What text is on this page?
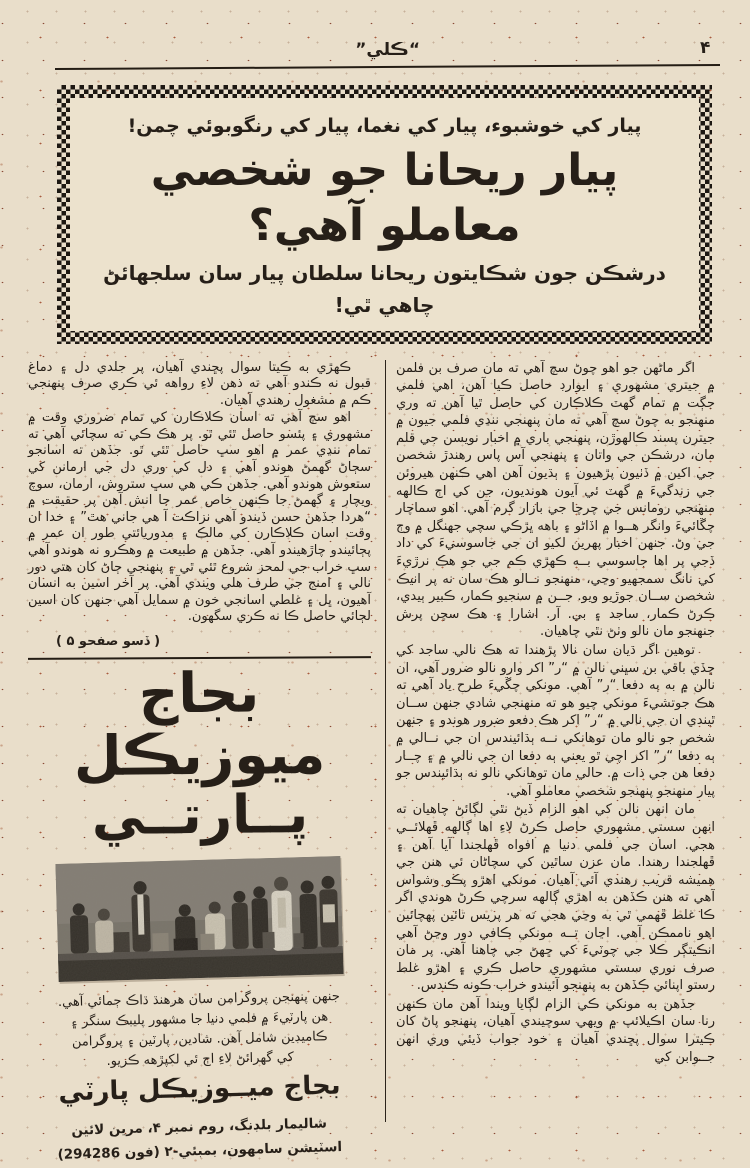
“ڪلي”	۴
پيار کي خوشبوء، پيار کي نغما، پيار کي رنگوبوئي چمن!
پيار ريحانا جو شخصي معاملو آهي؟
درشڪن جون شڪايتون ريحانا سلطان پيار سان سلجهائڻ چاهي ٿي!

اگر ماڻهن جو اهو چوڻ سچ آهي ته مان صرف بن فلمن ۾ جيتري مشهوري ۽ ايوارڊ حاصل ڪيا آهن، اهي فلمي جڳت ۾ تمام گهٽ ڪلاڪارن کي حاصل ٿيا آهن ته وري منهنجو به چوڻ سچ آهي ته مان پنهنجي ننڍي فلمي جيون ۾ جيترن پسند ڪالهوڙن، پنهنجي باري ۾ اخبار نويسن جي قلم مان، درشڪن جي واتان ۽ پنهنجي آس پاس رهندڙ شخصن جي اکين ۾ ڏٺيون پڙهيون ۽ ٻڌيون آهن اهي ڪنهن هيروئن جي زندگيءَ ۾ گهٽ ئي آيون هونديون، جن کي اڄ ڪالهه منهنجي رومانس جي چرچا جي بازار گرم آهي. اهو سماچار چڱائيءَ وانگر هــوا ۾ اڏاڻو ۽ باهه ڀڙڪي سچي جهنگل ۾ وڄ جي وڻ. جنهن اخبار پهرين لکيو ان جي جاسوسيءَ کي داد ڏجي پر اها جاسوسي بــه ڪهڙي ڪم جي جو هڪ نرڙيءَ کي نانگ سمجهيو وڃي، منهنجو نــالو هڪ سان نه پر انيڪ شخصن ســان جوڙيو ويو. جــن ۾ سنجيو ڪمار، ڪبير ٻيدي، ڪرڻ ڪمار، ساجد ۽ بي. آر. اشارا ۽ هڪ سچن پرش جنهنجو مان نالو وٺڻ نٿي چاهيان.

توهين اگر ڌيان سان نالا پڙهندا ته هڪ نالي ساجد کي ڇڏي باقي بن سڀني نالن ۾ “ر” اکر وارو نالو ضرور آهي، ان نالن ۾ به ٻه دفعا “ر” آهي. مونکي چڱيءَ طرح ياد آهي ته هڪ جوتشيءَ مونکي چيو هو ته منهنجي شادي جنهن ســان ٿيندي ان جي نالي ۾ “ر” اکر هڪ دفعو ضرور هوندو ۽ جنهن شخص جو نالو مان توهانکي نــه ٻڌائيندس ان جي نــالي ۾ ٻه دفعا “ر” اکر اچي ٿو يعني ٻه دفعا ان جي نالي ۾ ۽ چــار دفعا هن جي ذات ۾. حالي مان توهانکي نالو نه ٻڌائيندس جو پيار منهنجو پنهنجو شخصي معاملو آهي.

مان انهن نالن کي اهو الزام ڏيڻ نٿي لڳائڻ چاهيان ته انهن سستي مشهوري حاصل ڪرڻ لاءِ اها ڳالهه ڦهلائــي هجي. اسان جي فلمي دنيا ۾ افواه ڦهلجندا آيا آهن ۽ ڦهلجندا رهندا. مان عزن ساٿين کي سچاڻان ئي هنن جي هميشه قريب رهندي آئي آهيان. مونکي اهڙو پڪو وشواس آهي ته هنن ڪڏهن به اهڙي ڳالهه سرچي ڪرڻ هوندي اگر ڪا غلط ڦهمي ٿي به وڃي هجي ته هر پريس تائين پهچائين اهو ناممڪن آهي. اڃان تــه مونکي ڪافي دور وڃڻ آهي انڪيتڳر ڪلا جي چوٽيءَ کي ڇهڻ جي چاهنا آهي. پر مان صرف نوري سستي مشهوري حاصل ڪري ۽ اهڙو غلط رستو اپنائي ڪڏهن به پنهنجو آئيندو خراب ڪونه ڪندس.

جڏهن به مونکي ڪي الزام لڳايا ويندا آهن مان ڪنهن رنا سان اڪيلائپ ۾ ويهي سوچيندي آهيان، پنهنجو پاڻ کان ڪيترا سوال پڇندي آهيان ۽ خود جواب ڏيئي وري انهن جــوابن کي

ڪهڙي به ڪيتا سوال پڇندي آهيان، پر جلدي دل ۽ دماغ قبول نه ڪندو آهي ته ذهن لاءِ رواهه ئي ڪري صرف پنهنجي ڪم ۾ مشغول رهندي آهيان.

اهو سچ آهي ته اسان ڪلاڪارن کي تمام ضروري وقت ۾ مشهوري ۽ پئسو حاصل ٿئي ٿو. پر هڪ ڪي ته سچائي آهي ته تمام ننڍي عمر ۾ اهو سڀ حاصل ٿئي ٿو. جڏهن ته اسانجو سڄاڻ گهمڻ هوندو آهي ۽ دل کي وري دل جي ارمانن کي ستعوش هوندو آهي. جڏهن ڪي هي سڀ ستروش، ارمان، سوچ ويچار ۽ گهمڻ جا ڪنهن خاص عمر جا انش آهن پر حقيقت ۾ “هردا جڏهن حسن ڏيندو آهي نزاڪت آ هي جاني هٿ” ۽ خدا ان وقت اسان ڪلاڪارن کي مالڪ ۽ مدوريائتي طور ان عمر ۾ پڄائيندو چاڙهيندو آهي. جڏهن ۾ طبيعت ۾ وهڪرو نه هوندو آهي سڀ خراب جي لمحز شروع ٿئي ٿي ۽ پنهنجي ڄاڻ کان هتي دور نالي ۽ امنج جي طرف هلي ويندي آهي. پر آخر اسين به انسان آهيون، ڀل ۽ غلطي اسانجي خون ۾ سمايل آهي جنهن کان اسين لڄائي حاصل ڪا نه ڪري سگهون.

( ڏسو صفحو ۵ )
بجاج ميوزيڪل
پــارتــي
جنهن پنهنجن پروگرامن سان هرهنڌ ڌاڪ ڄمائي آهي.
هن پارٽيءَ ۾ فلمي دنيا جا مشهور پليبڪ سنگر ۽
ڪاميڊين شامل آهن. شادين، پارٽين ۽ پروگرامن
کي گهرائڻ لاءِ اڄ ئي لکپڙهه ڪريو.
بجاج ميــوزيڪل پارٽي
شاليمار بلڊنگ، روم نمبر ۴، مرين لائين
اسٽيشن سامهون، بمبئي-٢ (فون 294286)
